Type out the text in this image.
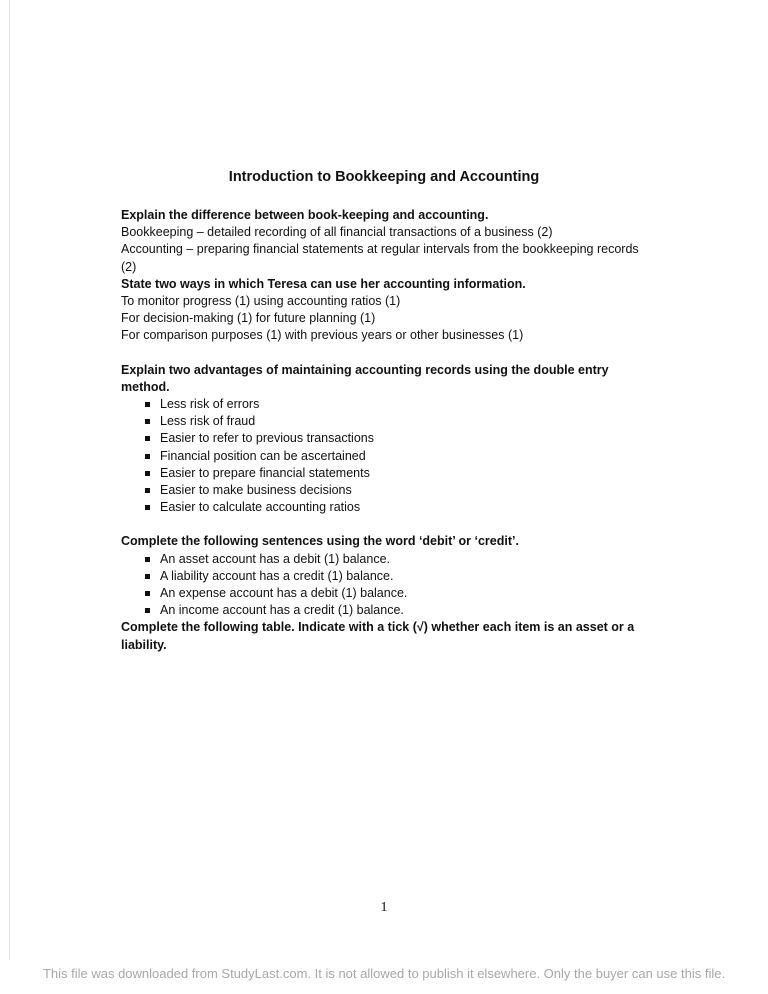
Introduction to Bookkeeping and Accounting

Explain the difference between book-keeping and accounting.

Bookkeeping – detailed recording of all financial transactions of a business (2)

Accounting – preparing financial statements at regular intervals from the bookkeeping records (2)

State two ways in which Teresa can use her accounting information.

To monitor progress (1) using accounting ratios (1)

For decision-making (1) for future planning (1)

For comparison purposes (1) with previous years or other businesses (1)

Explain two advantages of maintaining accounting records using the double entry method.

Less risk of errors
Less risk of fraud
Easier to refer to previous transactions
Financial position can be ascertained
Easier to prepare financial statements
Easier to make business decisions
Easier to calculate accounting ratios

Complete the following sentences using the word ‘debit’ or ‘credit’.

An asset account has a debit (1) balance.
A liability account has a credit (1) balance.
An expense account has a debit (1) balance.
An income account has a credit (1) balance.

Complete the following table. Indicate with a tick (√) whether each item is an asset or a liability.

1
This file was downloaded from StudyLast.com. It is not allowed to publish it elsewhere. Only the buyer can use this file.
